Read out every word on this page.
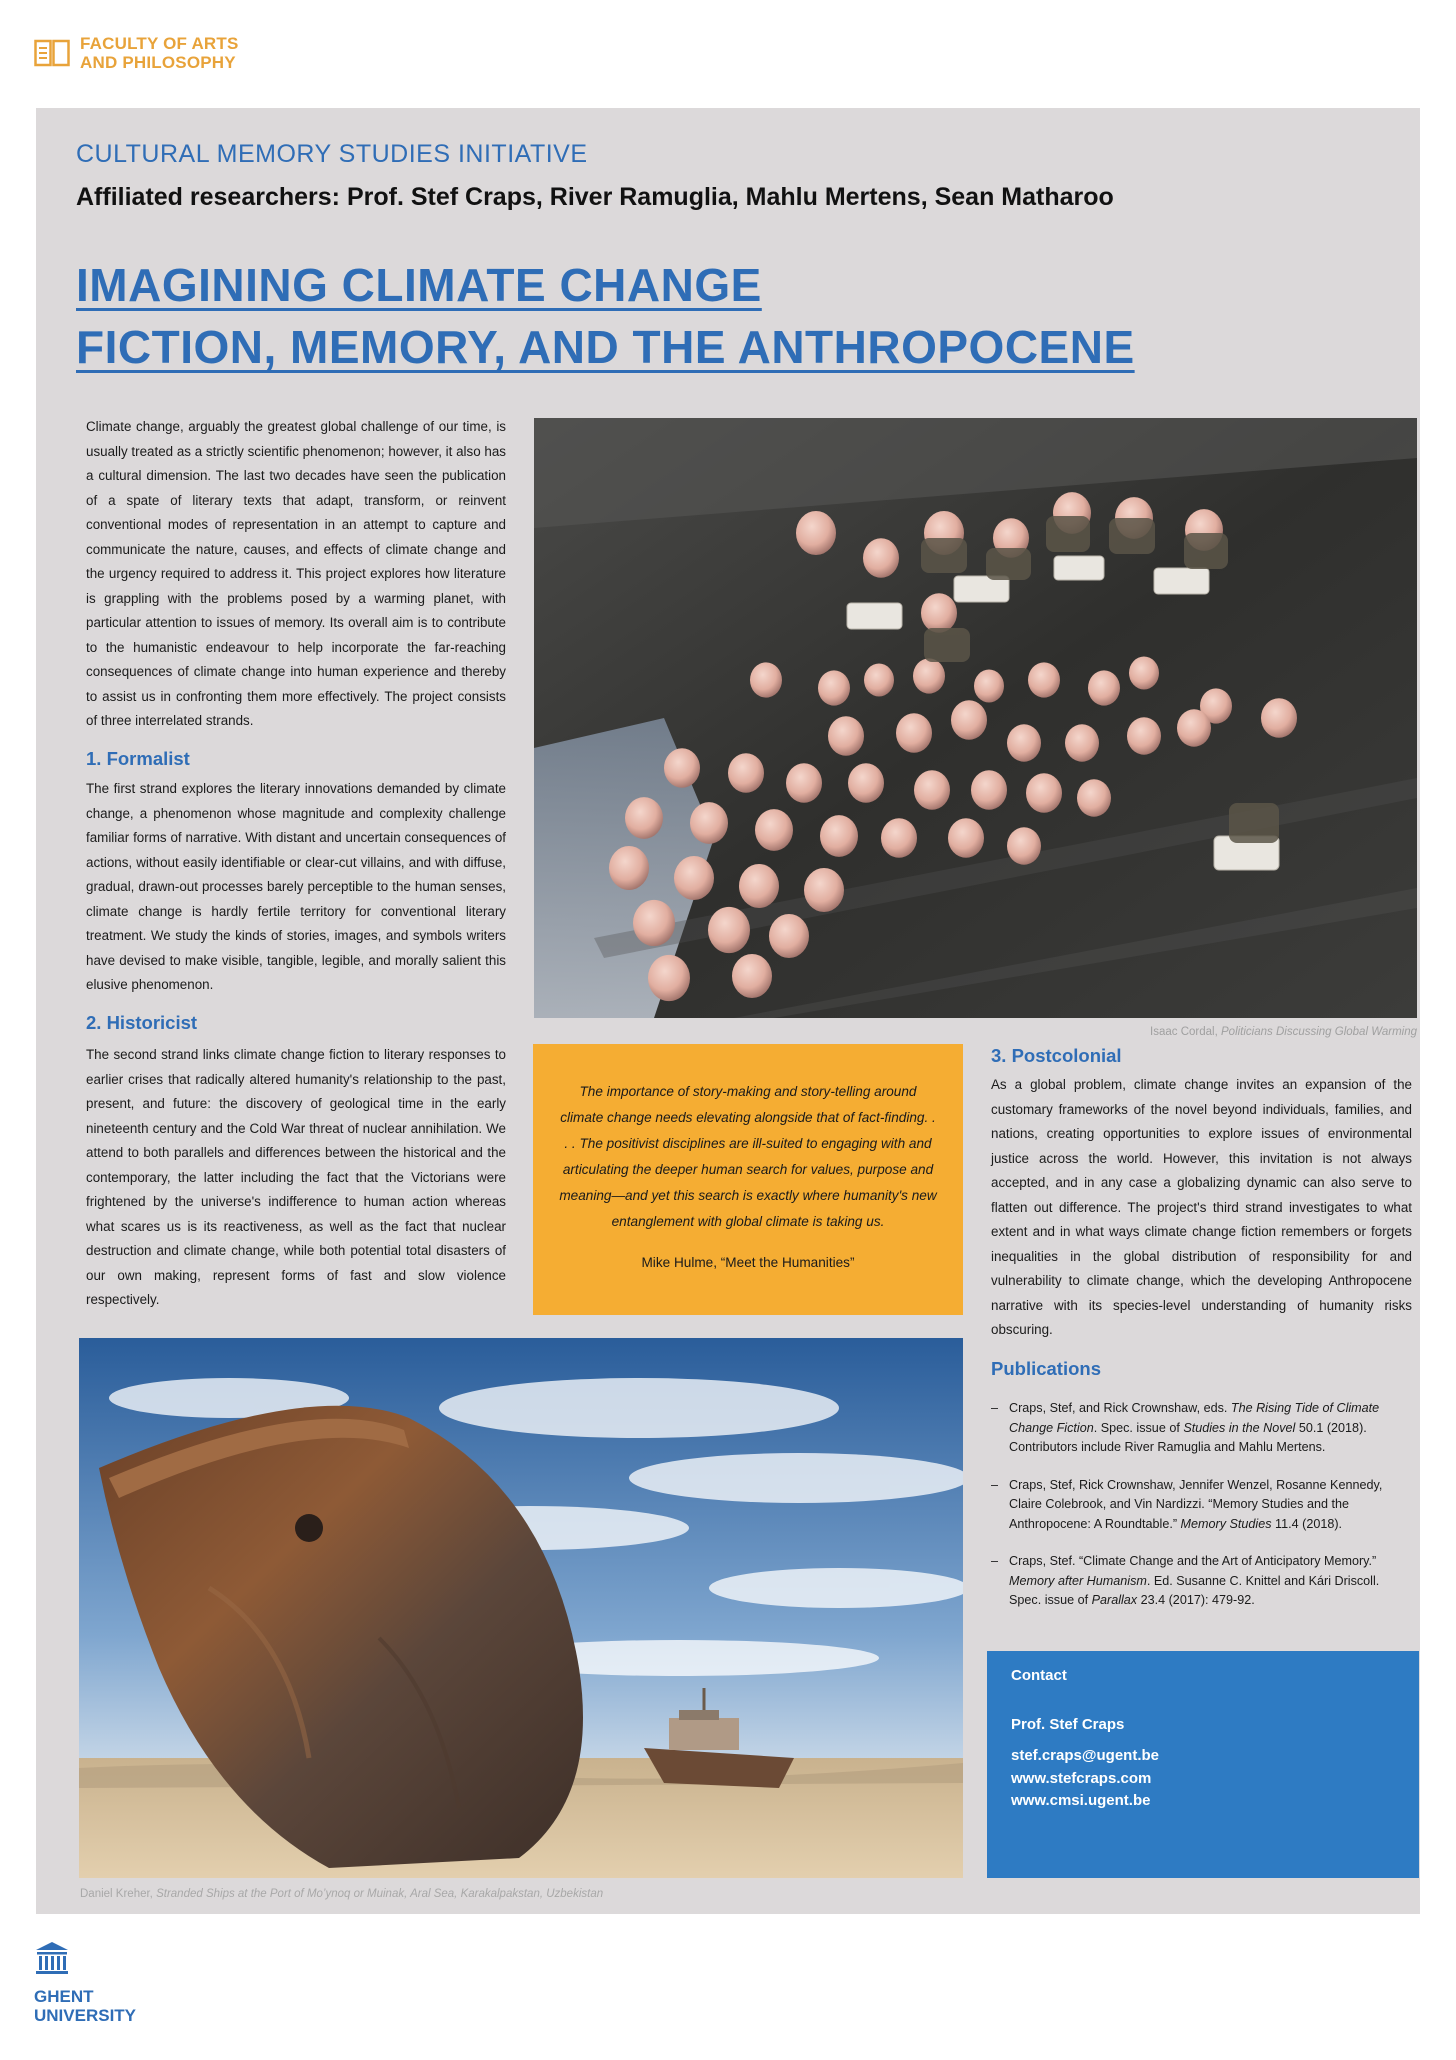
FACULTY OF ARTS
AND PHILOSOPHY
CULTURAL MEMORY STUDIES INITIATIVE
Affiliated researchers: Prof. Stef Craps, River Ramuglia, Mahlu Mertens, Sean Matharoo
IMAGINING CLIMATE CHANGE
FICTION, MEMORY, AND THE ANTHROPOCENE
Climate change, arguably the greatest global challenge of our time, is usually treated as a strictly scientific phenomenon; however, it also has a cultural dimension. The last two decades have seen the publication of a spate of literary texts that adapt, transform, or reinvent conventional modes of representation in an attempt to capture and communicate the nature, causes, and effects of climate change and the urgency required to address it. This project explores how literature is grappling with the problems posed by a warming planet, with particular attention to issues of memory. Its overall aim is to contribute to the humanistic endeavour to help incorporate the far-reaching consequences of climate change into human experience and thereby to assist us in confronting them more effectively. The project consists of three interrelated strands.
1. Formalist
The first strand explores the literary innovations demanded by climate change, a phenomenon whose magnitude and complexity challenge familiar forms of narrative. With distant and uncertain consequences of actions, without easily identifiable or clear-cut villains, and with diffuse, gradual, drawn-out processes barely perceptible to the human senses, climate change is hardly fertile territory for conventional literary treatment. We study the kinds of stories, images, and symbols writers have devised to make visible, tangible, legible, and morally salient this elusive phenomenon.
2. Historicist
The second strand links climate change fiction to literary responses to earlier crises that radically altered humanity's relationship to the past, present, and future: the discovery of geological time in the early nineteenth century and the Cold War threat of nuclear annihilation. We attend to both parallels and differences between the historical and the contemporary, the latter including the fact that the Victorians were frightened by the universe's indifference to human action whereas what scares us is its reactiveness, as well as the fact that nuclear destruction and climate change, while both potential total disasters of our own making, represent forms of fast and slow violence respectively.
Isaac Cordal, Politicians Discussing Global Warming
The importance of story-making and story-telling around climate change needs elevating alongside that of fact-finding. . . . The positivist disciplines are ill-suited to engaging with and articulating the deeper human search for values, purpose and meaning—and yet this search is exactly where humanity's new entanglement with global climate is taking us.
Mike Hulme, “Meet the Humanities”
3. Postcolonial
As a global problem, climate change invites an expansion of the customary frameworks of the novel beyond individuals, families, and nations, creating opportunities to explore issues of environmental justice across the world. However, this invitation is not always accepted, and in any case a globalizing dynamic can also serve to flatten out difference. The project's third strand investigates to what extent and in what ways climate change fiction remembers or forgets inequalities in the global distribution of responsibility for and vulnerability to climate change, which the developing Anthropocene narrative with its species-level understanding of humanity risks obscuring.
Publications
– Craps, Stef, and Rick Crownshaw, eds. The Rising Tide of Climate Change Fiction. Spec. issue of Studies in the Novel 50.1 (2018). Contributors include River Ramuglia and Mahlu Mertens.
– Craps, Stef, Rick Crownshaw, Jennifer Wenzel, Rosanne Kennedy, Claire Colebrook, and Vin Nardizzi. “Memory Studies and the Anthropocene: A Roundtable.” Memory Studies 11.4 (2018).
– Craps, Stef. “Climate Change and the Art of Anticipatory Memory.” Memory after Humanism. Ed. Susanne C. Knittel and Kári Driscoll. Spec. issue of Parallax 23.4 (2017): 479-92.
Contact
Prof. Stef Craps
stef.craps@ugent.be
www.stefcraps.com
www.cmsi.ugent.be
Daniel Kreher, Stranded Ships at the Port of Mo’ynoq or Muinak, Aral Sea, Karakalpakstan, Uzbekistan
GHENT
UNIVERSITY
